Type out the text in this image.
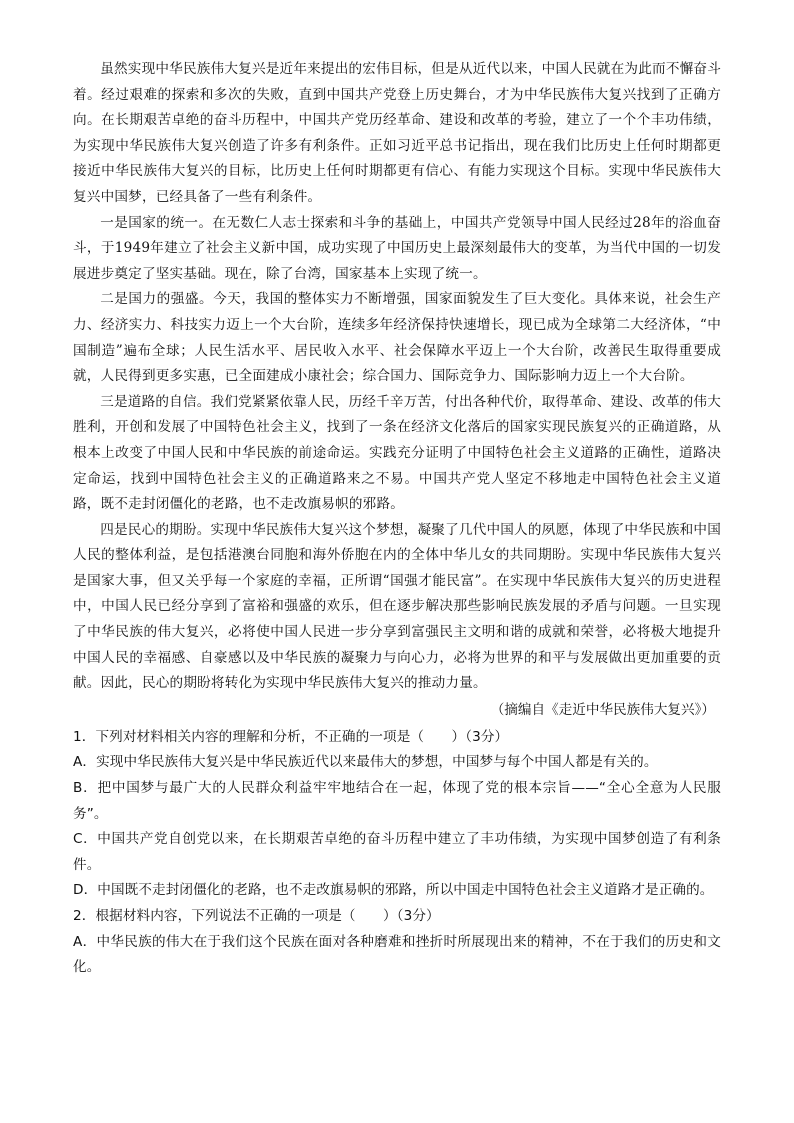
虽然实现中华民族伟大复兴是近年来提出的宏伟目标，但是从近代以来，中国人民就在为此而不懈奋斗着。经过艰难的探索和多次的失败，直到中国共产党登上历史舞台，才为中华民族伟大复兴找到了正确方向。在长期艰苦卓绝的奋斗历程中，中国共产党历经革命、建设和改革的考验，建立了一个个丰功伟绩，为实现中华民族伟大复兴创造了许多有利条件。正如习近平总书记指出，现在我们比历史上任何时期都更接近中华民族伟大复兴的目标，比历史上任何时期都更有信心、有能力实现这个目标。实现中华民族伟大复兴中国梦，已经具备了一些有利条件。

一是国家的统一。在无数仁人志士探索和斗争的基础上，中国共产党领导中国人民经过28年的浴血奋斗，于1949年建立了社会主义新中国，成功实现了中国历史上最深刻最伟大的变革，为当代中国的一切发展进步奠定了坚实基础。现在，除了台湾，国家基本上实现了统一。

二是国力的强盛。今天，我国的整体实力不断增强，国家面貌发生了巨大变化。具体来说，社会生产力、经济实力、科技实力迈上一个大台阶，连续多年经济保持快速增长，现已成为全球第二大经济体，“中国制造”遍布全球；人民生活水平、居民收入水平、社会保障水平迈上一个大台阶，改善民生取得重要成就，人民得到更多实惠，已全面建成小康社会；综合国力、国际竞争力、国际影响力迈上一个大台阶。

三是道路的自信。我们党紧紧依靠人民，历经千辛万苦，付出各种代价，取得革命、建设、改革的伟大胜利，开创和发展了中国特色社会主义，找到了一条在经济文化落后的国家实现民族复兴的正确道路，从根本上改变了中国人民和中华民族的前途命运。实践充分证明了中国特色社会主义道路的正确性，道路决定命运，找到中国特色社会主义的正确道路来之不易。中国共产党人坚定不移地走中国特色社会主义道路，既不走封闭僵化的老路，也不走改旗易帜的邪路。

四是民心的期盼。实现中华民族伟大复兴这个梦想，凝聚了几代中国人的夙愿，体现了中华民族和中国人民的整体利益，是包括港澳台同胞和海外侨胞在内的全体中华儿女的共同期盼。实现中华民族伟大复兴是国家大事，但又关乎每一个家庭的幸福，正所谓“国强才能民富”。在实现中华民族伟大复兴的历史进程中，中国人民已经分享到了富裕和强盛的欢乐，但在逐步解决那些影响民族发展的矛盾与问题。一旦实现了中华民族的伟大复兴，必将使中国人民进一步分享到富强民主文明和谐的成就和荣誉，必将极大地提升中国人民的幸福感、自豪感以及中华民族的凝聚力与向心力，必将为世界的和平与发展做出更加重要的贡献。因此，民心的期盼将转化为实现中华民族伟大复兴的推动力量。

（摘编自《走近中华民族伟大复兴》）

1．下列对材料相关内容的理解和分析，不正确的一项是（　　）（3分）

A．实现中华民族伟大复兴是中华民族近代以来最伟大的梦想，中国梦与每个中国人都是有关的。

B．把中国梦与最广大的人民群众利益牢牢地结合在一起，体现了党的根本宗旨——“全心全意为人民服务”。

C．中国共产党自创党以来，在长期艰苦卓绝的奋斗历程中建立了丰功伟绩，为实现中国梦创造了有利条件。

D．中国既不走封闭僵化的老路，也不走改旗易帜的邪路，所以中国走中国特色社会主义道路才是正确的。

2．根据材料内容，下列说法不正确的一项是（　　）（3分）

A．中华民族的伟大在于我们这个民族在面对各种磨难和挫折时所展现出来的精神，不在于我们的历史和文化。
